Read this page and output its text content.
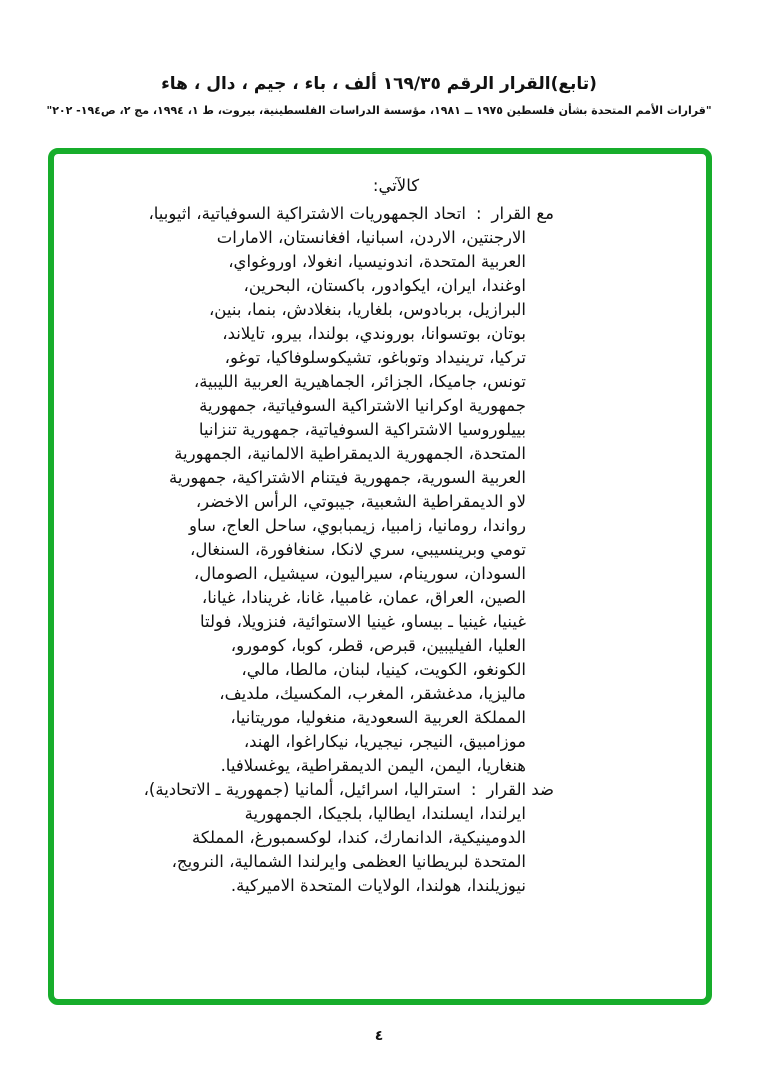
(تابع)القرار الرقم ١٦٩/٣٥ ألف ، باء ، جيم ، دال ، هاء
"قرارات الأمم المتحدة بشأن فلسطين ١٩٧٥ ــ ١٩٨١، مؤسسة الدراسات الفلسطينية، بيروت، ط ١، ١٩٩٤، مج ٢، ص١٩٤- ٢٠٢"
كالآتي:
مع القرار:اتحاد الجمهوريات الاشتراكية السوفياتية، اثيوبيا،
الارجنتين، الاردن، اسبانيا، افغانستان، الامارات
العربية المتحدة، اندونيسيا، انغولا، اوروغواي،
اوغندا، ايران، ايكوادور، باكستان، البحرين،
البرازيل، بربادوس، بلغاريا، بنغلادش، بنما، بنين،
بوتان، بوتسوانا، بوروندي، بولندا، بيرو، تايلاند،
تركيا، ترينيداد وتوباغو، تشيكوسلوفاكيا، توغو،
تونس، جاميكا، الجزائر، الجماهيرية العربية الليبية،
جمهورية اوكرانيا الاشتراكية السوفياتية، جمهورية
بييلوروسيا الاشتراكية السوفياتية، جمهورية تنزانيا
المتحدة، الجمهورية الديمقراطية الالمانية، الجمهورية
العربية السورية، جمهورية فيتنام الاشتراكية، جمهورية
لاو الديمقراطية الشعبية، جيبوتي، الرأس الاخضر،
رواندا، رومانيا، زامبيا، زيمبابوي، ساحل العاج، ساو
تومي وبرينسيبي، سري لانكا، سنغافورة، السنغال،
السودان، سورينام، سيراليون، سيشيل، الصومال،
الصين، العراق، عمان، غامبيا، غانا، غرينادا، غيانا،
غينيا، غينيا ـ بيساو، غينيا الاستوائية، فنزويلا، فولتا
العليا، الفيليبين، قبرص، قطر، كوبا، كومورو،
الكونغو، الكويت، كينيا، لبنان، مالطا، مالي،
ماليزيا، مدغشقر، المغرب، المكسيك، ملديف،
المملكة العربية السعودية، منغوليا، موريتانيا،
موزامبيق، النيجر، نيجيريا، نيكاراغوا، الهند،
هنغاريا، اليمن، اليمن الديمقراطية، يوغسلافيا.
ضد القرار:استراليا، اسرائيل، ألمانيا (جمهورية ـ الاتحادية)،
ايرلندا، ايسلندا، ايطاليا، بلجيكا، الجمهورية
الدومينيكية، الدانمارك، كندا، لوكسمبورغ، المملكة
المتحدة لبريطانيا العظمى وايرلندا الشمالية، النرويج،
نيوزيلندا، هولندا، الولايات المتحدة الاميركية.
٤
